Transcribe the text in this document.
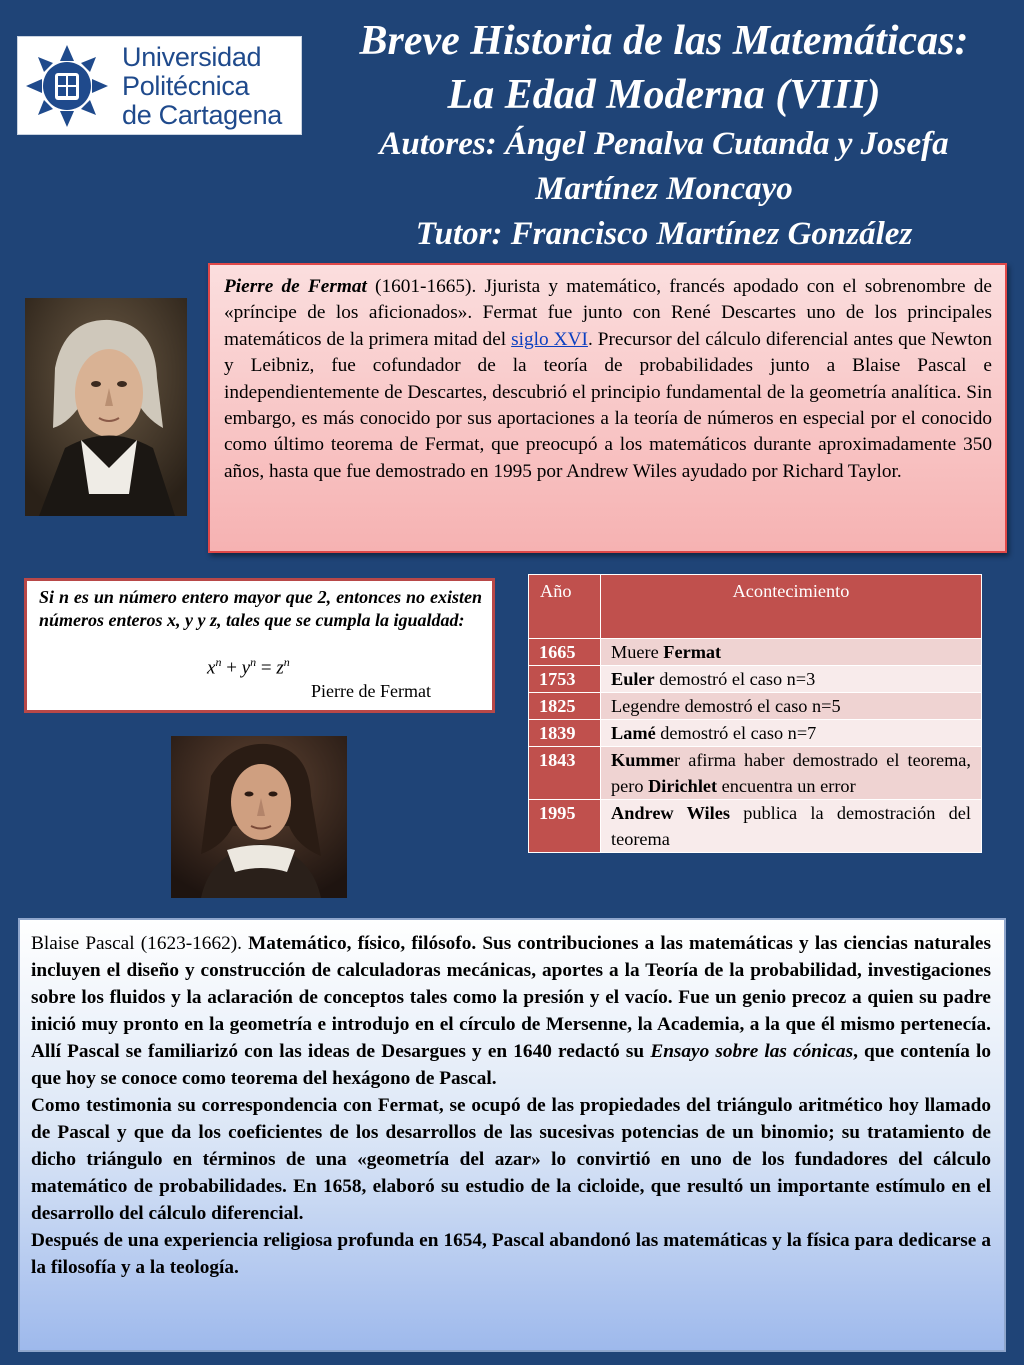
Universidad
Politécnica
de Cartagena
Breve Historia de las Matemáticas:
La Edad Moderna (VIII)
Autores: Ángel Penalva Cutanda y Josefa
Martínez Moncayo
Tutor: Francisco Martínez González
Pierre de Fermat (1601-1665). Jjurista y matemático, francés apodado con el sobrenombre de «príncipe de los aficionados». Fermat fue junto con René Descartes uno de los principales matemáticos de la primera mitad del siglo XVI. Precursor del cálculo diferencial antes que Newton y Leibniz, fue cofundador de la teoría de probabilidades junto a Blaise Pascal e independientemente de Descartes, descubrió el principio fundamental de la geometría analítica. Sin embargo, es más conocido por sus aportaciones a la teoría de números en especial por el conocido como último teorema de Fermat, que preocupó a los matemáticos durante aproximadamente 350 años, hasta que fue demostrado en 1995 por Andrew Wiles ayudado por Richard Taylor.
Si n es un número entero mayor que 2, entonces no existen números enteros x, y y z, tales que se cumpla la igualdad:
$x^n + y^n = z^n$
Pierre de Fermat
Año	Acontecimiento
1665	Muere Fermat
1753	Euler demostró el caso n=3
1825	Legendre demostró el caso n=5
1839	Lamé demostró el caso n=7
1843	Kummer afirma haber demostrado el teorema, pero Dirichlet encuentra un error
1995	Andrew Wiles publica la demostración del teorema

Blaise Pascal (1623-1662). Matemático, físico, filósofo. Sus contribuciones a las matemáticas y las ciencias naturales incluyen el diseño y construcción de calculadoras mecánicas, aportes a la Teoría de la probabilidad, investigaciones sobre los fluidos y la aclaración de conceptos tales como la presión y el vacío. Fue un genio precoz a quien su padre inició muy pronto en la geometría e introdujo en el círculo de Mersenne, la Academia, a la que él mismo pertenecía. Allí Pascal se familiarizó con las ideas de Desargues y en 1640 redactó su Ensayo sobre las cónicas, que contenía lo que hoy se conoce como teorema del hexágono de Pascal.

Como testimonia su correspondencia con Fermat, se ocupó de las propiedades del triángulo aritmético hoy llamado de Pascal y que da los coeficientes de los desarrollos de las sucesivas potencias de un binomio; su tratamiento de dicho triángulo en términos de una «geometría del azar» lo convirtió en uno de los fundadores del cálculo matemático de probabilidades. En 1658, elaboró su estudio de la cicloide, que resultó un importante estímulo en el desarrollo del cálculo diferencial.

Después de una experiencia religiosa profunda en 1654, Pascal abandonó las matemáticas y la física para dedicarse a la filosofía y a la teología.
